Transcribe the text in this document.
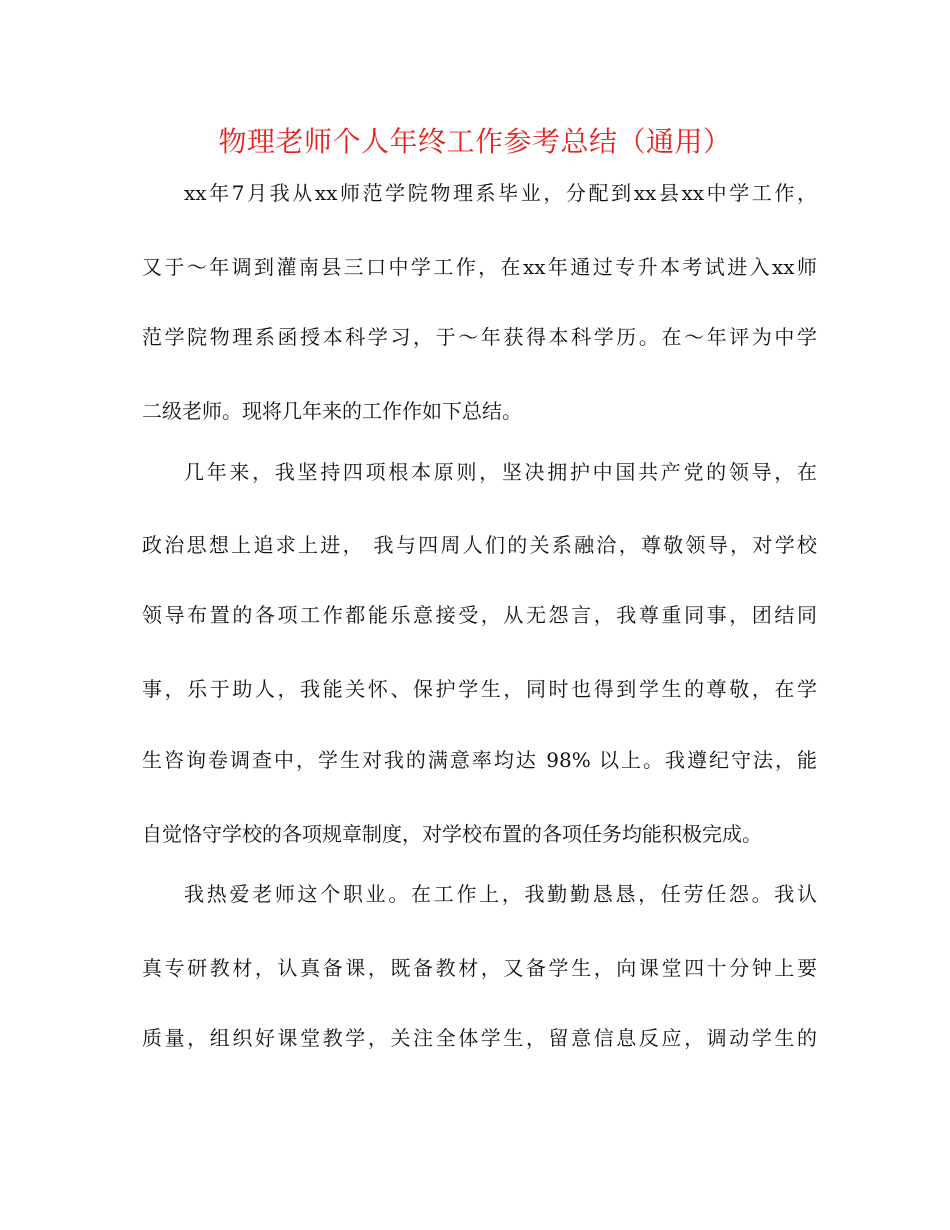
物理老师个人年终工作参考总结（通用）
xx年7月我从xx师范学院物理系毕业，分配到xx县xx中学工作，
又于～年调到灌南县三口中学工作，在xx年通过专升本考试进入xx师
范学院物理系函授本科学习，于～年获得本科学历。在～年评为中学
二级老师。现将几年来的工作作如下总结。
几年来，我坚持四项根本原则，坚决拥护中国共产党的领导，在
政治思想上追求上进， 我与四周人们的关系融洽，尊敬领导，对学校
领导布置的各项工作都能乐意接受，从无怨言，我尊重同事，团结同
事，乐于助人，我能关怀、保护学生，同时也得到学生的尊敬，在学
生咨询卷调查中，学生对我的满意率均达 98% 以上。我遵纪守法，能
自觉恪守学校的各项规章制度，对学校布置的各项任务均能积极完成。
我热爱老师这个职业。在工作上，我勤勤恳恳，任劳任怨。我认
真专研教材，认真备课，既备教材，又备学生，向课堂四十分钟上要
质量，组织好课堂教学，关注全体学生，留意信息反应，调动学生的
